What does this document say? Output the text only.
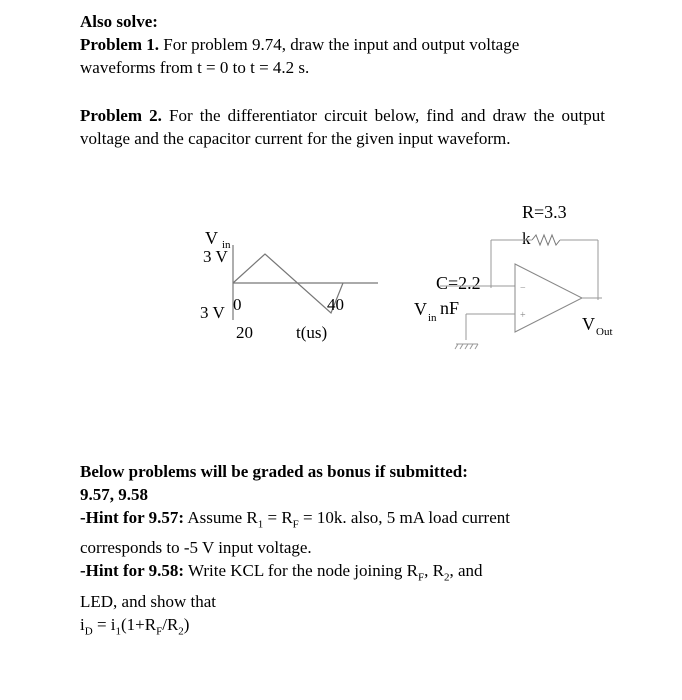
Also solve:
Problem 1. For problem 9.74, draw the input and output voltage
waveforms from t = 0 to t = 4.2 s.
Problem 2. For the differentiator circuit below, find and draw the output voltage and the capacitor current for the given input waveform.
V in
3 V
3 V 0
20
40
t(us)
R=3.3
k
−
+
C=2.2
V in nF
V Out
Below problems will be graded as bonus if submitted:
9.57, 9.58
-Hint for 9.57: Assume $R_1 = R_F = 10k$. also, 5 mA load current
corresponds to -5 V input voltage.
-Hint for 9.58: Write KCL for the node joining $R_F$, $R_2$, and
LED, and show that
$i_D = i_1(1+R_F/R_2)$
